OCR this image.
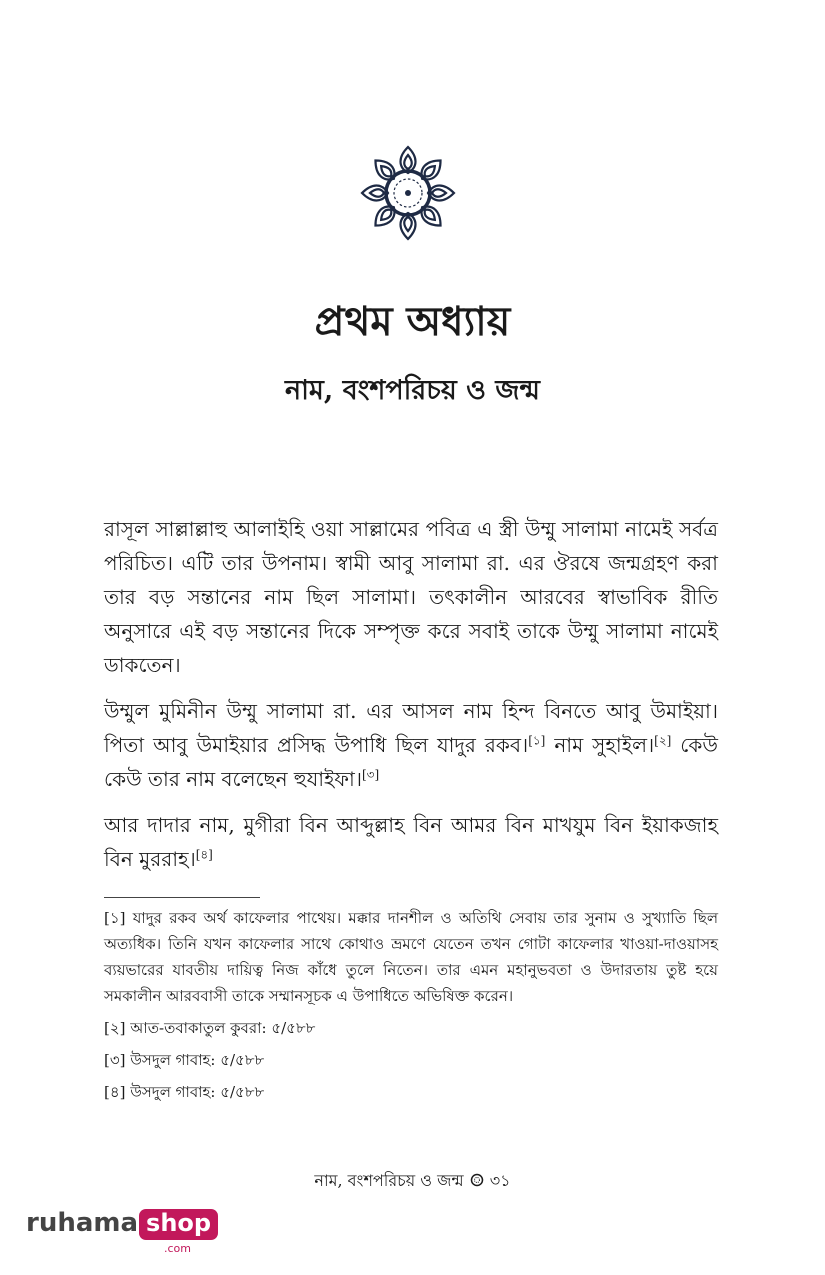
প্রথম অধ্যায়
নাম, বংশপরিচয় ও জন্ম

রাসূল সাল্লাল্লাহু আলাইহি ওয়া সাল্লামের পবিত্র এ স্ত্রী উম্মু সালামা নামেই সর্বত্র পরিচিত। এটি তার উপনাম। স্বামী আবু সালামা রা. এর ঔরষে জন্মগ্রহণ করা তার বড় সন্তানের নাম ছিল সালামা। তৎকালীন আরবের স্বাভাবিক রীতি অনুসারে এই বড় সন্তানের দিকে সম্পৃক্ত করে সবাই তাকে উম্মু সালামা নামেই ডাকতেন।

উম্মুল মুমিনীন উম্মু সালামা রা. এর আসল নাম হিন্দ বিনতে আবু উমাইয়া। পিতা আবু উমাইয়ার প্রসিদ্ধ উপাধি ছিল যাদুর রকব।[১] নাম সুহাইল।[২] কেউ কেউ তার নাম বলেছেন হুযাইফা।[৩]

আর দাদার নাম, মুগীরা বিন আব্দুল্লাহ বিন আমর বিন মাখযুম বিন ইয়াকজাহ বিন মুররাহ।[৪]

[১] যাদুর রকব অর্থ কাফেলার পাথেয়। মক্কার দানশীল ও অতিথি সেবায় তার সুনাম ও সুখ্যাতি ছিল অত্যধিক। তিনি যখন কাফেলার সাথে কোথাও ভ্রমণে যেতেন তখন গোটা কাফেলার খাওয়া-দাওয়াসহ ব্যয়ভারের যাবতীয় দায়িত্ব নিজ কাঁধে তুলে নিতেন। তার এমন মহানুভবতা ও উদারতায় তুষ্ট হয়ে সমকালীন আরববাসী তাকে সম্মানসূচক এ উপাধিতে অভিষিক্ত করেন।

[২] আত-তবাকাতুল কুবরা: ৫/৫৮৮

[৩] উসদুল গাবাহ: ৫/৫৮৮

[৪] উসদুল গাবাহ: ৫/৫৮৮

নাম, বংশপরিচয় ও জন্ম ৩১
ruhama shop
.com
